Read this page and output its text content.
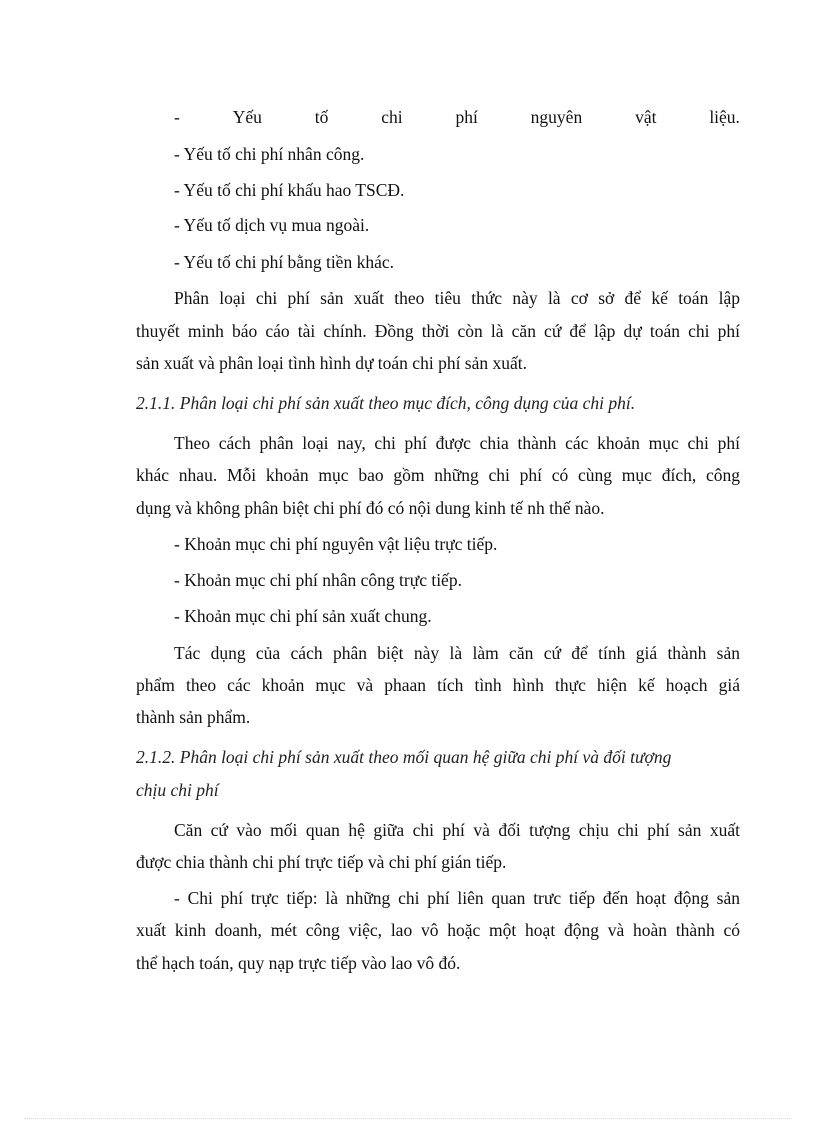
-	Yếu	tố	chi	phí	nguyên	vật	liệu.
- Yếu tố chi phí nhân công.
- Yếu tố chi phí khấu hao TSCĐ.
- Yếu tố dịch vụ mua ngoài.
- Yếu tố chi phí bằng tiền khác.
Phân loại chi phí sản xuất theo tiêu thức này là cơ sở để kế toán lập
thuyết minh báo cáo tài chính. Đồng thời còn là căn cứ để lập dự toán chi phí
sản xuất và phân loại tình hình dự toán chi phí sản xuất.
2.1.1. Phân loại chi phí sản xuất theo mục đích, công dụng của chi phí.
Theo cách phân loại nay, chi phí được chia thành các khoản mục chi phí
khác nhau. Mỗi khoản mục bao gồm những chi phí có cùng mục đích, công
dụng và không phân biệt chi phí đó có nội dung kinh tế nh thế nào.
- Khoản mục chi phí nguyên vật liệu trực tiếp.
- Khoản mục chi phí nhân công trực tiếp.
- Khoản mục chi phí sản xuất chung.
Tác dụng của cách phân biệt này là làm căn cứ để tính giá thành sản
phẩm theo các khoản mục và phaan tích tình hình thực hiện kế hoạch giá
thành sản phẩm.
2.1.2. Phân loại chi phí sản xuất theo mối quan hệ giữa chi phí và đối tượng
chịu chi phí
Căn cứ vào mối quan hệ giữa chi phí và đối tượng chịu chi phí sản xuất
được chia thành chi phí trực tiếp và chi phí gián tiếp.
- Chi phí trực tiếp: là những chi phí liên quan trưc tiếp đến hoạt động sản
xuất kinh doanh, mét công việc, lao vô hoặc một hoạt động và hoàn thành có
thể hạch toán, quy nạp trực tiếp vào lao vô đó.
